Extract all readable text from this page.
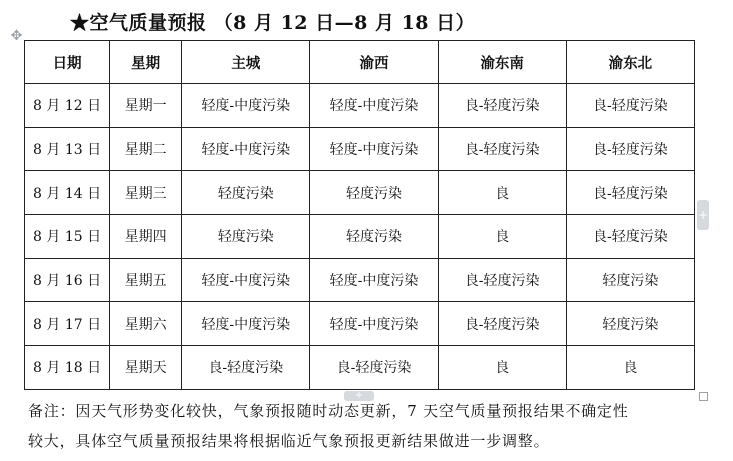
★空气质量预报 （8 月 12 日—8 月 18 日）
✥
日期	星期	主城	渝西	渝东南	渝东北
8 月 12 日	星期一	轻度-中度污染	轻度-中度污染	良-轻度污染	良-轻度污染
8 月 13 日	星期二	轻度-中度污染	轻度-中度污染	良-轻度污染	良-轻度污染
8 月 14 日	星期三	轻度污染	轻度污染	良	良-轻度污染
8 月 15 日	星期四	轻度污染	轻度污染	良	良-轻度污染
8 月 16 日	星期五	轻度-中度污染	轻度-中度污染	良-轻度污染	轻度污染
8 月 17 日	星期六	轻度-中度污染	轻度-中度污染	良-轻度污染	轻度污染
8 月 18 日	星期天	良-轻度污染	良-轻度污染	良	良
+
+
备注：因天气形势变化较快，气象预报随时动态更新，7 天空气质量预报结果不确定性
较大，具体空气质量预报结果将根据临近气象预报更新结果做进一步调整。
